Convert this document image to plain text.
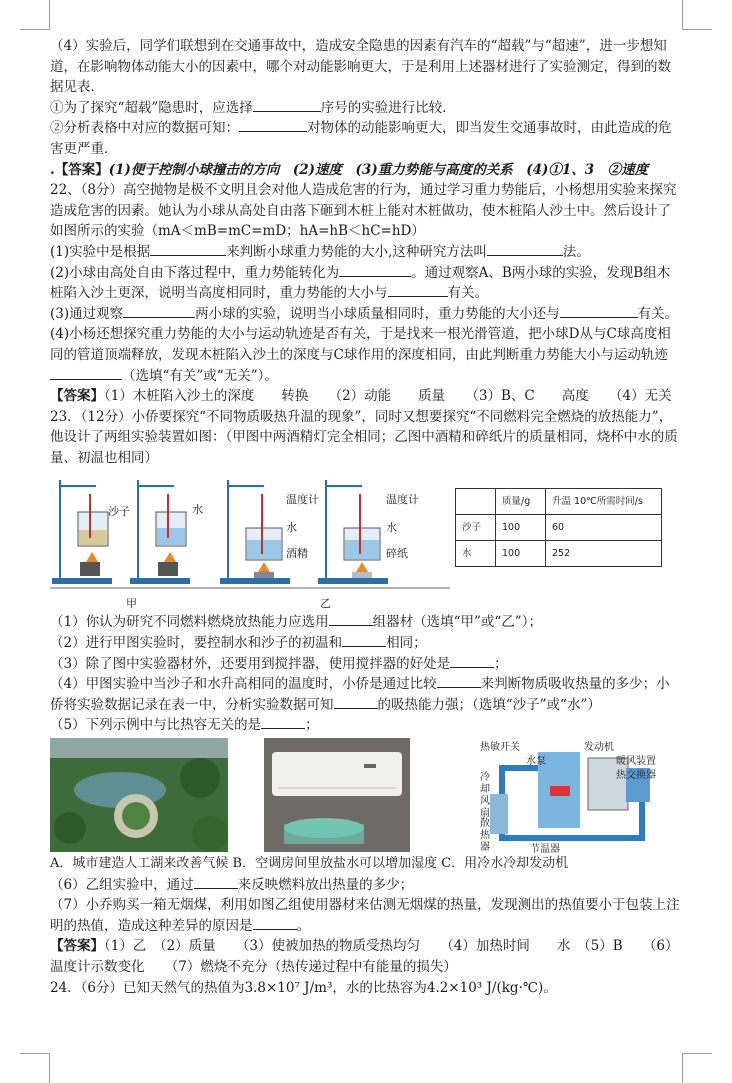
（4）实验后，同学们联想到在交通事故中，造成安全隐患的因素有汽车的“超载”与“超速”，进一步想知道，在影响物体动能大小的因素中，哪个对动能影响更大，于是利用上述器材进行了实验测定，得到的数据见表．
①为了探究“超载”隐患时，应选择	序号的实验进行比较．
②分析表格中对应的数据可知：	对物体的动能影响更大，即当发生交通事故时，由此造成的危害更严重．
.【答案】(1)便于控制小球撞击的方向　(2)速度　(3)重力势能与高度的关系　(4)①1、3　②速度
22、（8分）高空抛物是极不文明且会对他人造成危害的行为，通过学习重力势能后，小杨想用实验来探究造成危害的因素。她认为小球从高处自由落下砸到木桩上能对木桩做功，使木桩陷人沙土中。然后设计了如图所示的实验（mA＜mB=mC=mD；hA=hB＜hC=hD）
(1)实验中是根据	来判断小球重力势能的大小,这种研究方法叫	法。
(2)小球由高处自由下落过程中，重力势能转化为	。通过观察A、B两小球的实验，发现B组木桩陷入沙土更深，说明当高度相同时，重力势能的大小与	有关。
(3)通过观察	两小球的实验，说明当小球质量相同时，重力势能的大小还与	有关。
(4)小杨还想探究重力势能的大小与运动轨迹是否有关，于是找来一根光滑管道，把小球D从与C球高度相同的管道顶端释放，发现木桩陷入沙土的深度与C球作用的深度相同，由此判断重力势能大小与运动轨迹（选填“有关”或“无关”）。
【答案】（1）木桩陷入沙土的深度　　转换　　（2）动能　　质量　　（3）B、C　　高度　　（4）无关
23．（12分）小侨要探究“不同物质吸热升温的现象”，同时又想要探究“不同燃料完全燃烧的放热能力”，他设计了两组实验装置如图：（甲图中两酒精灯完全相同；乙图中酒精和碎纸片的质量相同，烧杯中水的质量、初温也相同）
沙子	水
温度计
水
酒精
温度计
水
碎纸
	质量/g	升温 10℃所需时间/s
沙子	100	60
水	100	252
甲	乙
（1）你认为研究不同燃料燃烧放热能力应选用	组器材（选填“甲”或“乙”）；
（2）进行甲图实验时，要控制水和沙子的初温和	相同；
（3）除了图中实验器材外，还要用到搅拌器，使用搅拌器的好处是	；
（4）甲图实验中当沙子和水升高相同的温度时，小侨是通过比较	来判断物质吸收热量的多少；小侨将实验数据记录在表一中，分析实验数据可知	的吸热能力强；（选填“沙子”或“水”）
（5）下列示例中与比热容无关的是	；
热敏开关	发动机
水泵	暖风装置
热交换器
冷却风扇
散热器	节温器
A．城市建造人工湖来改善气候 B．空调房间里放盐水可以增加湿度 C．用冷水冷却发动机
（6）乙组实验中，通过	来反映燃料放出热量的多少；
（7）小乔购买一箱无烟煤，利用如图乙组使用器材来估测无烟煤的热量，发现测出的热值要小于包装上注明的热值，造成这种差异的原因是	。
【答案】（1）乙　（2）质量　　（3）使被加热的物质受热均匀　　（4）加热时间　　水　（5）B　　（6）温度计示数变化　　（7）燃烧不充分（热传递过程中有能量的损失）
24．（6分）已知天然气的热值为3.8×10⁷ J/m³，水的比热容为4.2×10³ J/(kg·℃)。
